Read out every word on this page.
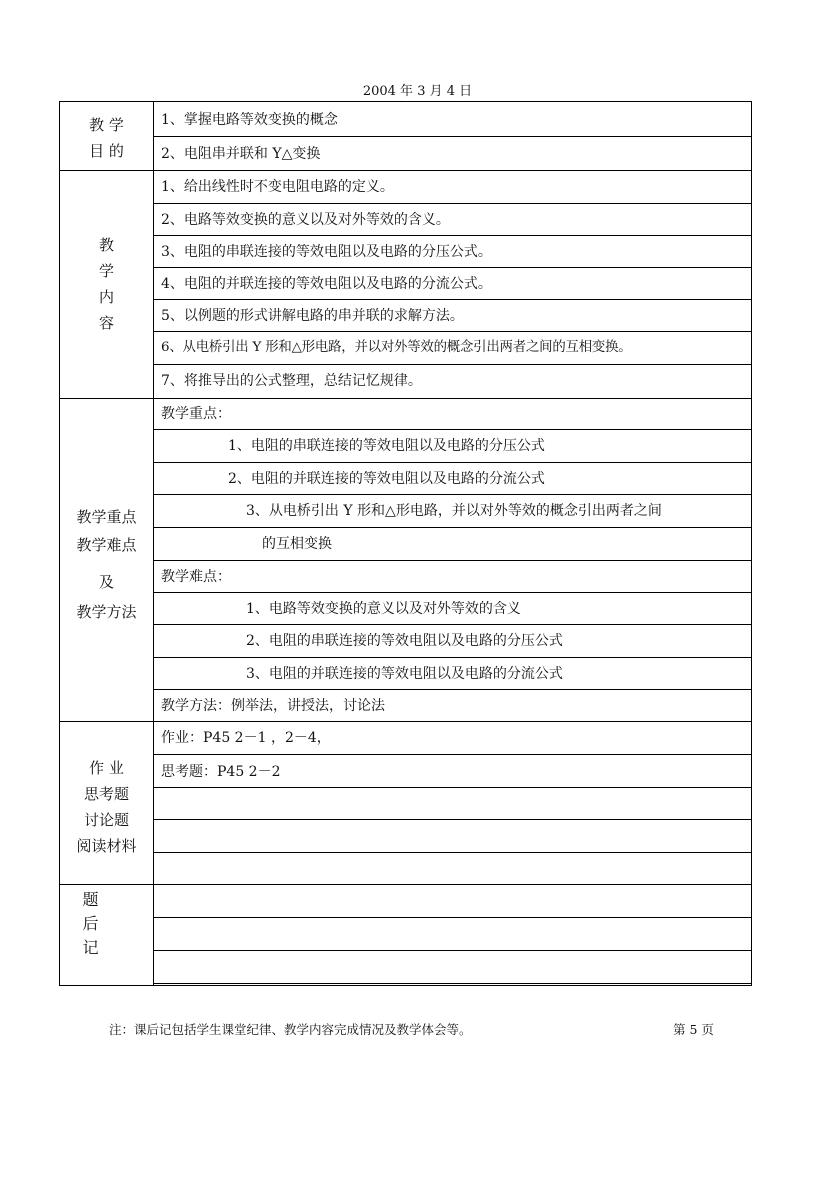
2004 年 3 月 4 日
教 学
目 的
1、掌握电路等效变换的概念
2、电阻串并联和 Y△变换
教
学
内
容
1、给出线性时不变电阻电路的定义。
2、电路等效变换的意义以及对外等效的含义。
3、电阻的串联连接的等效电阻以及电路的分压公式。
4、电阻的并联连接的等效电阻以及电路的分流公式。
5、以例题的形式讲解电路的串并联的求解方法。
6、从电桥引出 Y 形和△形电路，并以对外等效的概念引出两者之间的互相变换。
7、将推导出的公式整理，总结记忆规律。
教学重点
教学难点
及
教学方法
教学重点：
1、电阻的串联连接的等效电阻以及电路的分压公式
2、电阻的并联连接的等效电阻以及电路的分流公式
3、从电桥引出 Y 形和△形电路，并以对外等效的概念引出两者之间
的互相变换
教学难点：
1、电路等效变换的意义以及对外等效的含义
2、电阻的串联连接的等效电阻以及电路的分压公式
3、电阻的并联连接的等效电阻以及电路的分流公式
教学方法：例举法，讲授法，讨论法
作 业
思考题
讨论题
阅读材料
作业：P45 2－1 ，2－4，
思考题：P45 2－2
题
后
记
注：课后记包括学生课堂纪律、教学内容完成情况及教学体会等。	第 5 页
